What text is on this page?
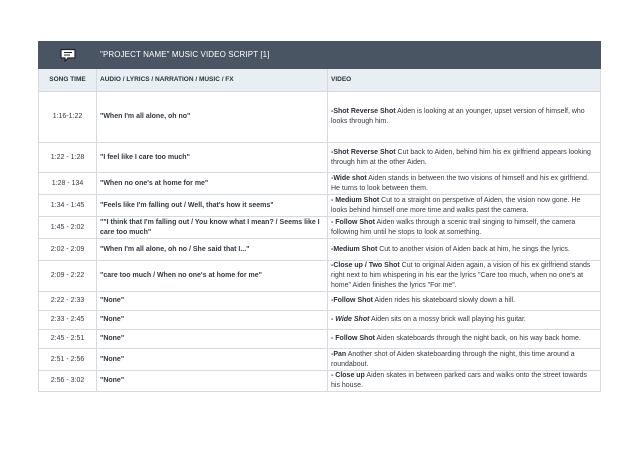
	"PROJECT NAME" MUSIC VIDEO SCRIPT [1]	
SONG TIME	AUDIO / LYRICS / NARRATION / MUSIC / FX	VIDEO
1:16-1:22	"When I'm all alone, oh no"	-Shot Reverse Shot Aiden is looking at an younger, upset version of himself, who looks through him.
1:22 - 1:28	"I feel like I care too much"	-Shot Reverse Shot Cut back to Aiden, behind him his ex girlfriend appears looking through him at the other Aiden.
1:28 - 134	"When no one's at home for me"	-Wide shot Aiden stands in between the two visions of himself and his ex girlfriend. He turns to look between them.
1:34 - 1:45	"Feels like I'm falling out / Well, that's how it seems"	- Medium Shot Cut to a straight on perspetive of Aiden, the vision now gone. He looks behind himself one more time and walks past the camera.
1:45 - 2:02	""I think that I'm falling out / You know what I mean? / Seems like I care too much"	- Follow Shot Aiden walks through a scenic trail singing to himself, the camera following him until he stops to look at something.
2:02 - 2:09	"When I'm all alone, oh no / She said that I..."	-Medium Shot Cut to another vision of Aiden back at him, he sings the lyrics.
2:09 - 2:22	"care too much / When no one's at home for me"	-Close up / Two Shot Cut to original Aiden again, a vision of his ex girlfriend stands right next to him whispering in his ear the lyrics "Care too much, when no one's at home" Aiden finishes the lyrics "For me".
2:22 - 2:33	"None"	-Follow Shot Aiden rides his skateboard slowly down a hill.
2:33 - 2:45	"None"	- Wide Shot Aiden sits on a mossy brick wall playing his guitar.
2:45 - 2:51	"None"	- Follow Shot Aiden skateboards through the night back, on his way back home.
2:51 - 2:56	"None"	-Pan Another shot of Aiden skateboarding through the night, this time around a roundabout.
2:56 - 3:02	"None"	- Close up Aiden skates in between parked cars and walks onto the street towards his house.
